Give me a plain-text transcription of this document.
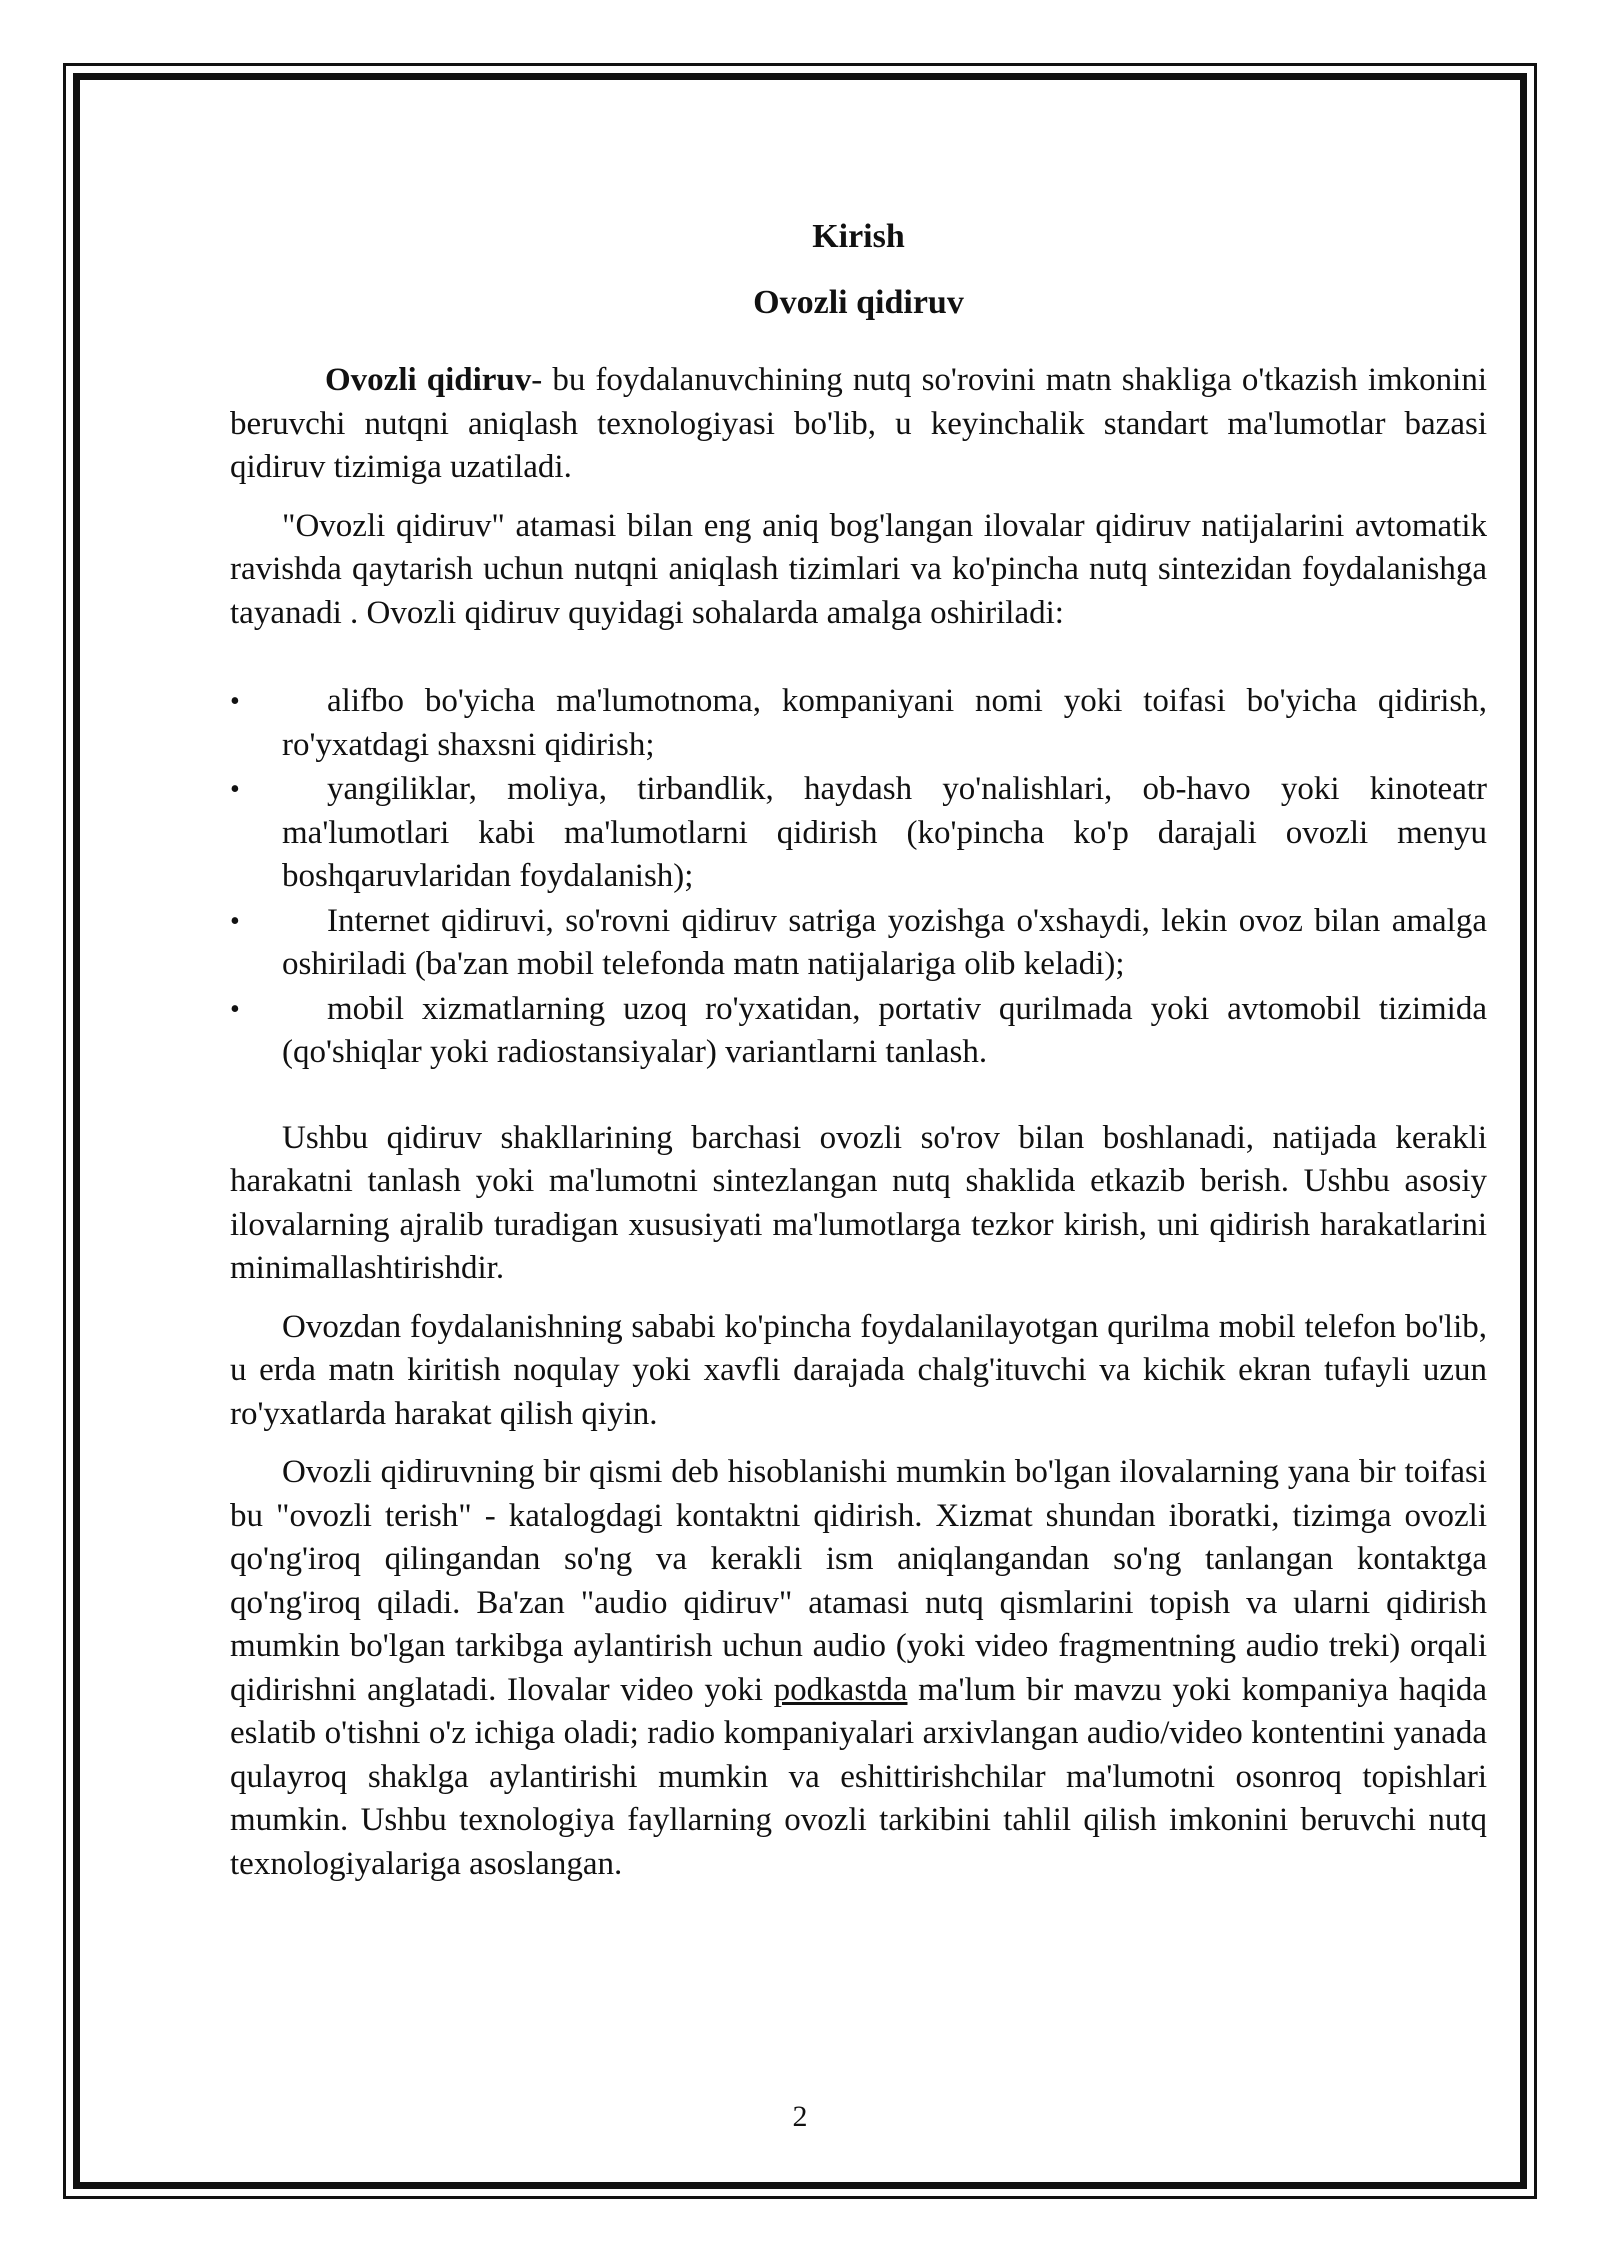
Kirish
Ovozli qidiruv

Ovozli qidiruv- bu foydalanuvchining nutq so'rovini matn shakliga o'tkazish imkonini beruvchi nutqni aniqlash texnologiyasi bo'lib, u keyinchalik standart ma'lumotlar bazasi qidiruv tizimiga uzatiladi.

"Ovozli qidiruv" atamasi bilan eng aniq bog'langan ilovalar qidiruv natijalarini avtomatik ravishda qaytarish uchun nutqni aniqlash tizimlari va ko'pincha nutq sintezidan foydalanishga tayanadi . Ovozli qidiruv quyidagi sohalarda amalga oshiriladi:

•	alifbo bo'yicha ma'lumotnoma, kompaniyani nomi yoki toifasi bo'yicha qidirish, ro'yxatdagi shaxsni qidirish;
•	yangiliklar, moliya, tirbandlik, haydash yo'nalishlari, ob-havo yoki kinoteatr ma'lumotlari kabi ma'lumotlarni qidirish (ko'pincha ko'p darajali ovozli menyu boshqaruvlaridan foydalanish);
•	Internet qidiruvi, so'rovni qidiruv satriga yozishga o'xshaydi, lekin ovoz bilan amalga oshiriladi (ba'zan mobil telefonda matn natijalariga olib keladi);
•	mobil xizmatlarning uzoq ro'yxatidan, portativ qurilmada yoki avtomobil tizimida (qo'shiqlar yoki radiostansiyalar) variantlarni tanlash.

Ushbu qidiruv shakllarining barchasi ovozli so'rov bilan boshlanadi, natijada kerakli harakatni tanlash yoki ma'lumotni sintezlangan nutq shaklida etkazib berish. Ushbu asosiy ilovalarning ajralib turadigan xususiyati ma'lumotlarga tezkor kirish, uni qidirish harakatlarini minimallashtirishdir.

Ovozdan foydalanishning sababi ko'pincha foydalanilayotgan qurilma mobil telefon bo'lib, u erda matn kiritish noqulay yoki xavfli darajada chalg'ituvchi va kichik ekran tufayli uzun ro'yxatlarda harakat qilish qiyin.

Ovozli qidiruvning bir qismi deb hisoblanishi mumkin bo'lgan ilovalarning yana bir toifasi bu "ovozli terish" - katalogdagi kontaktni qidirish. Xizmat shundan iboratki, tizimga ovozli qo'ng'iroq qilingandan so'ng va kerakli ism aniqlangandan so'ng tanlangan kontaktga qo'ng'iroq qiladi. Ba'zan "audio qidiruv" atamasi nutq qismlarini topish va ularni qidirish mumkin bo'lgan tarkibga aylantirish uchun audio (yoki video fragmentning audio treki) orqali qidirishni anglatadi. Ilovalar video yoki podkastda ma'lum bir mavzu yoki kompaniya haqida eslatib o'tishni o'z ichiga oladi; radio kompaniyalari arxivlangan audio/video kontentini yanada qulayroq shaklga aylantirishi mumkin va eshittirishchilar ma'lumotni osonroq topishlari mumkin. Ushbu texnologiya fayllarning ovozli tarkibini tahlil qilish imkonini beruvchi nutq texnologiyalariga asoslangan.

2
